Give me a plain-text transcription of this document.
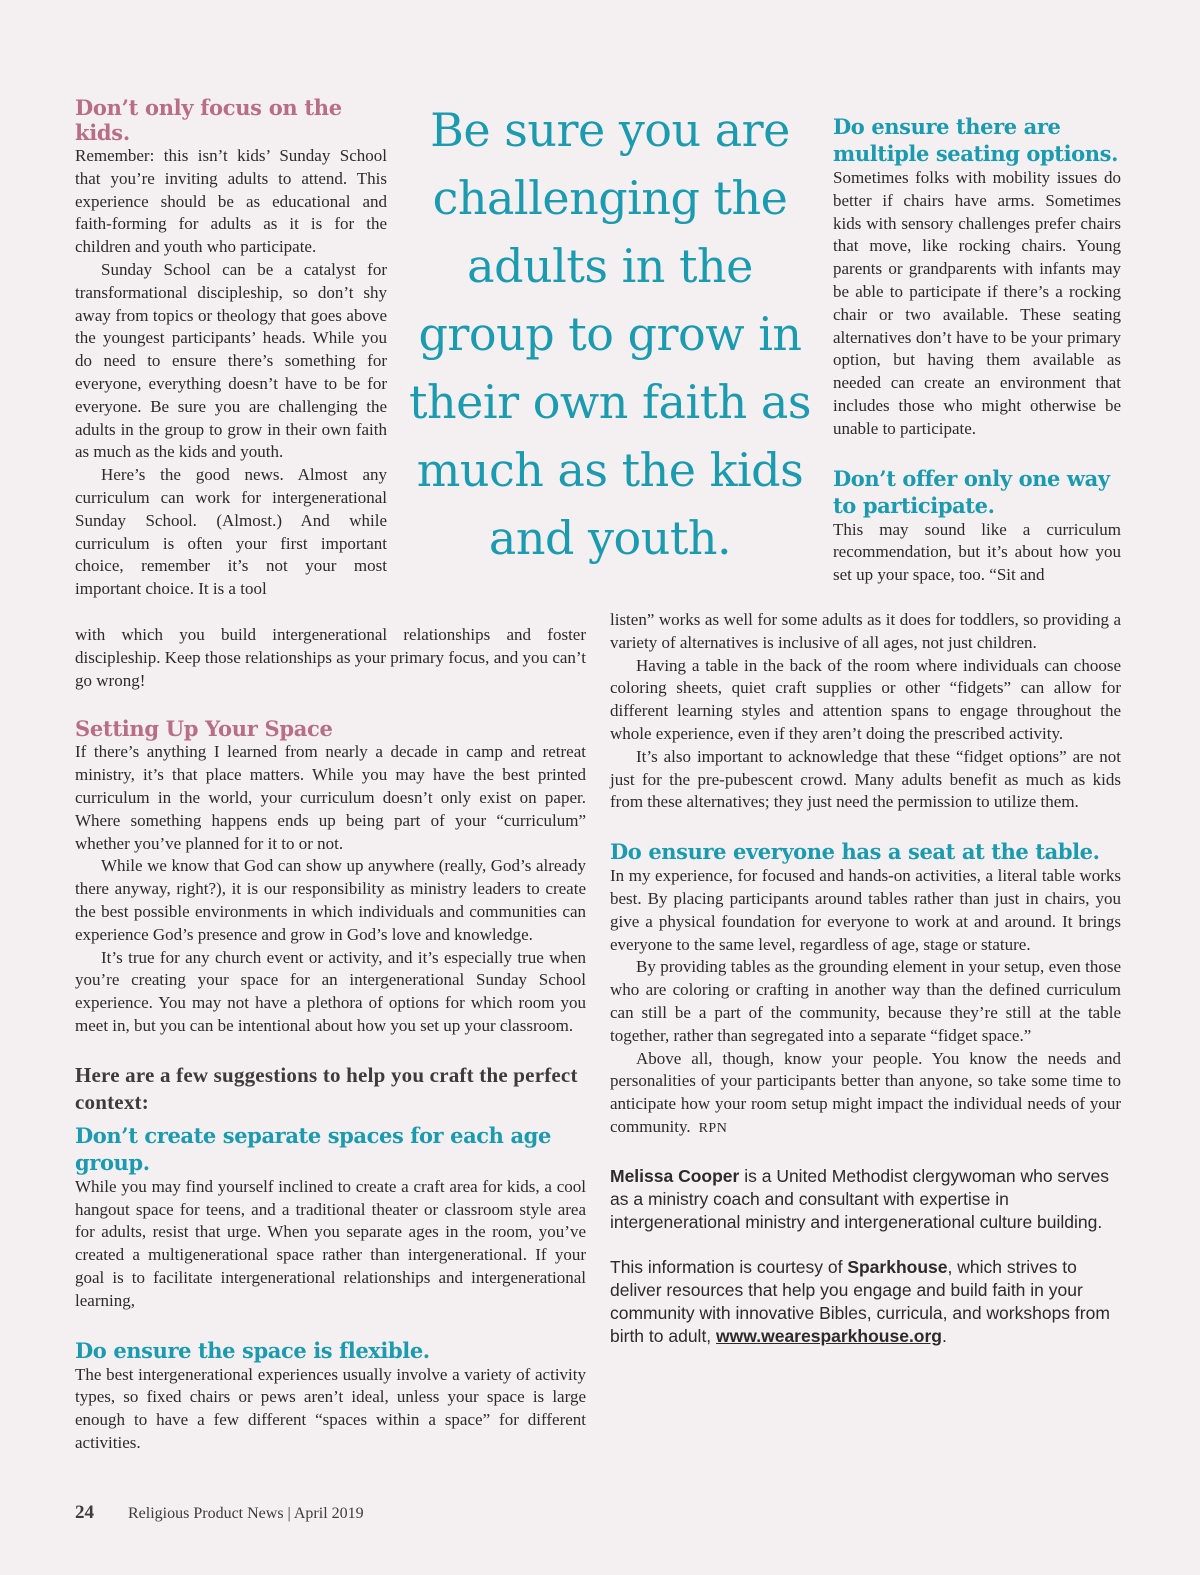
Don’t only focus on the kids.

Remember: this isn’t kids’ Sunday School that you’re inviting adults to attend. This experience should be as educational and faith-forming for adults as it is for the children and youth who participate.

Sunday School can be a catalyst for transformational discipleship, so don’t shy away from topics or theology that goes above the youngest participants’ heads. While you do need to ensure there’s something for everyone, everything doesn’t have to be for everyone. Be sure you are challenging the adults in the group to grow in their own faith as much as the kids and youth.

Here’s the good news. Almost any curriculum can work for intergenerational Sunday School. (Almost.) And while curriculum is often your first important choice, remember it’s not your most important choice. It is a tool

Be sure you are challenging the adults in the group to grow in their own faith as much as the kids and youth.

with which you build intergenerational relationships and foster discipleship. Keep those relationships as your primary focus, and you can’t go wrong!

Setting Up Your Space

If there’s anything I learned from nearly a decade in camp and retreat ministry, it’s that place matters. While you may have the best printed curriculum in the world, your curriculum doesn’t only exist on paper. Where something happens ends up being part of your “curriculum” whether you’ve planned for it to or not.

While we know that God can show up anywhere (really, God’s already there anyway, right?), it is our responsibility as ministry leaders to create the best possible environments in which individuals and communities can experience God’s presence and grow in God’s love and knowledge.

It’s true for any church event or activity, and it’s especially true when you’re creating your space for an intergenerational Sunday School experience. You may not have a plethora of options for which room you meet in, but you can be intentional about how you set up your classroom.

Here are a few suggestions to help you craft the perfect context:
Don’t create separate spaces for each age group.

While you may find yourself inclined to create a craft area for kids, a cool hangout space for teens, and a traditional theater or classroom style area for adults, resist that urge. When you separate ages in the room, you’ve created a multigenerational space rather than intergenerational. If your goal is to facilitate intergenerational relationships and intergenerational learning,

Do ensure the space is flexible.

The best intergenerational experiences usually involve a variety of activity types, so fixed chairs or pews aren’t ideal, unless your space is large enough to have a few different “spaces within a space” for different activities.

Do ensure there are multiple seating options.

Sometimes folks with mobility issues do better if chairs have arms. Sometimes kids with sensory challenges prefer chairs that move, like rocking chairs. Young parents or grandparents with infants may be able to participate if there’s a rocking chair or two available. These seating alternatives don’t have to be your primary option, but having them available as needed can create an environment that includes those who might otherwise be unable to participate.

Don’t offer only one way to participate.

This may sound like a curriculum recommendation, but it’s about how you set up your space, too. “Sit and

listen” works as well for some adults as it does for toddlers, so providing a variety of alternatives is inclusive of all ages, not just children.

Having a table in the back of the room where individuals can choose coloring sheets, quiet craft supplies or other “fidgets” can allow for different learning styles and attention spans to engage throughout the whole experience, even if they aren’t doing the prescribed activity.

It’s also important to acknowledge that these “fidget options” are not just for the pre-pubescent crowd. Many adults benefit as much as kids from these alternatives; they just need the permission to utilize them.

Do ensure everyone has a seat at the table.

In my experience, for focused and hands-on activities, a literal table works best. By placing participants around tables rather than just in chairs, you give a physical foundation for everyone to work at and around. It brings everyone to the same level, regardless of age, stage or stature.

By providing tables as the grounding element in your setup, even those who are coloring or crafting in another way than the defined curriculum can still be a part of the community, because they’re still at the table together, rather than segregated into a separate “fidget space.”

Above all, though, know your people. You know the needs and personalities of your participants better than anyone, so take some time to anticipate how your room setup might impact the individual needs of your community. RPN

Melissa Cooper is a United Methodist clergywoman who serves as a ministry coach and consultant with expertise in intergenerational ministry and intergenerational culture building.

This information is courtesy of Sparkhouse, which strives to deliver resources that help you engage and build faith in your community with innovative Bibles, curricula, and workshops from birth to adult, www.wearesparkhouse.org.

24 Religious Product News | April 2019
